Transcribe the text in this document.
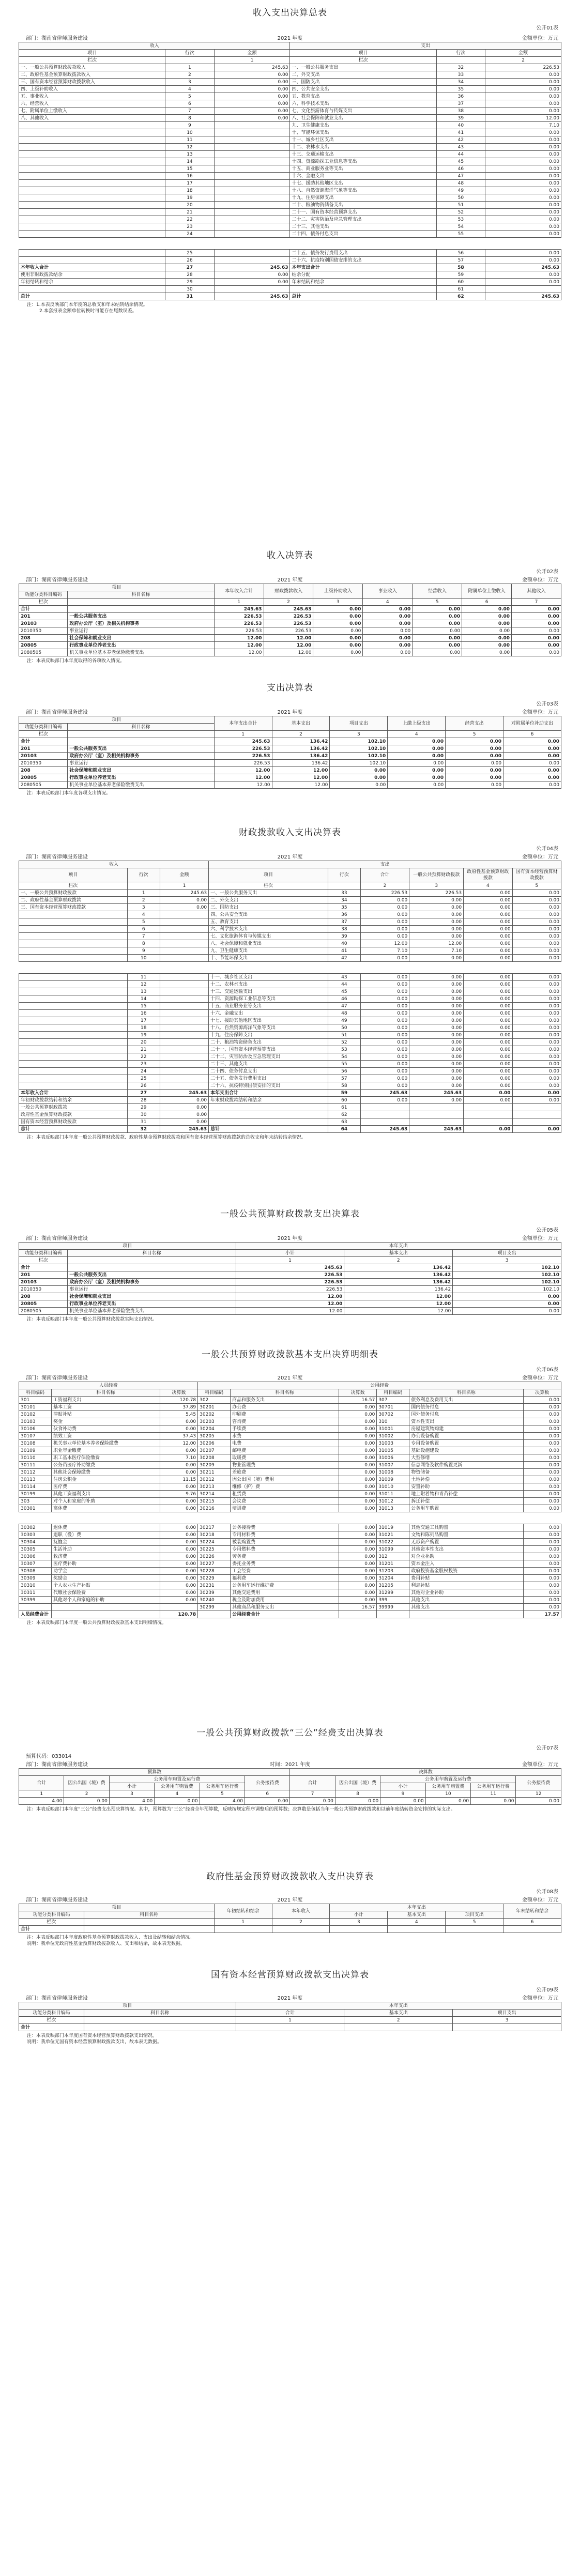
收入支出决算总表
公开01表
部门：湖南省律师服务建设	2021 年度	金额单位：万元
收入			支出		
项目	行次	金额	项目	行次	金额
栏次		1	栏次		2
一、一般公共预算财政拨款收入	1	245.63	一、一般公共服务支出	32	226.53
二、政府性基金预算财政拨款收入	2	0.00	二、外交支出	33	0.00
三、国有资本经营预算财政拨款收入	3	0.00	三、国防支出	34	0.00
四、上级补助收入	4	0.00	四、公共安全支出	35	0.00
五、事业收入	5	0.00	五、教育支出	36	0.00
六、经营收入	6	0.00	六、科学技术支出	37	0.00
七、附属单位上缴收入	7	0.00	七、文化旅游体育与传媒支出	38	0.00
八、其他收入	8	0.00	八、社会保障和就业支出	39	12.00
	9		九、卫生健康支出	40	7.10
	10		十、节能环保支出	41	0.00
	11		十一、城乡社区支出	42	0.00
	12		十二、农林水支出	43	0.00
	13		十三、交通运输支出	44	0.00
	14		十四、资源勘探工业信息等支出	45	0.00
	15		十五、商业服务业等支出	46	0.00
	16		十六、金融支出	47	0.00
	17		十七、援助其他地区支出	48	0.00
	18		十八、自然资源海洋气象等支出	49	0.00
	19		十九、住房保障支出	50	0.00
	20		二十、粮油物资储备支出	51	0.00
	21		二十一、国有资本经营预算支出	52	0.00
	22		二十二、灾害防治及应急管理支出	53	0.00
	23		二十三、其他支出	54	0.00
	24		二十四、债务付息支出	55	0.00
	25		二十五、债务发行费用支出	56	0.00
	26		二十六、抗疫特别国债安排的支出	57	0.00
本年收入合计	27	245.63	本年支出合计	58	245.63
使用非财政拨款结余	28	0.00	结余分配	59	0.00
年初结转和结余	29	0.00	年末结转和结余	60	0.00
	30			61	
总计	31	245.63	总计	62	245.63
注：1.本表反映部门本年度的总收支和年末结转结余情况。
2.本套报表金额单位转换时可能存在尾数误差。
收入决算表
公开02表
部门：湖南省律师服务建设	2021 年度	金额单位：万元
项目		本年收入合计	财政拨款收入	上级补助收入	事业收入	经营收入	附属单位上缴收入	其他收入
功能分类科目编码	科目名称							
栏次		1	2	3	4	5	6	7
合计		245.63	245.63	0.00	0.00	0.00	0.00	0.00
201	一般公共服务支出	226.53	226.53	0.00	0.00	0.00	0.00	0.00
20103	政府办公厅（室）及相关机构事务	226.53	226.53	0.00	0.00	0.00	0.00	0.00
2010350	事业运行	226.53	226.53	0.00	0.00	0.00	0.00	0.00
208	社会保障和就业支出	12.00	12.00	0.00	0.00	0.00	0.00	0.00
20805	行政事业单位养老支出	12.00	12.00	0.00	0.00	0.00	0.00	0.00
2080505	机关事业单位基本养老保险缴费支出	12.00	12.00	0.00	0.00	0.00	0.00	0.00
注：本表反映部门本年度取得的各项收入情况。
支出决算表
公开03表
部门：湖南省律师服务建设	2021 年度	金额单位：万元
项目		本年支出合计	基本支出	项目支出	上缴上级支出	经营支出	对附属单位补助支出
功能分类科目编码	科目名称						
栏次		1	2	3	4	5	6
合计		245.63	136.42	102.10	0.00	0.00	0.00
201	一般公共服务支出	226.53	136.42	102.10	0.00	0.00	0.00
20103	政府办公厅（室）及相关机构事务	226.53	136.42	102.10	0.00	0.00	0.00
2010350	事业运行	226.53	136.42	102.10	0.00	0.00	0.00
208	社会保障和就业支出	12.00	12.00	0.00	0.00	0.00	0.00
20805	行政事业单位养老支出	12.00	12.00	0.00	0.00	0.00	0.00
2080505	机关事业单位基本养老保险缴费支出	12.00	12.00	0.00	0.00	0.00	0.00
注：本表反映部门本年度各项支出情况。
财政拨款收入支出决算表
公开04表
部门：湖南省律师服务建设	2021 年度	金额单位：万元
收入			支出					
项目	行次	金额	项目	行次	合计	一般公共预算财政拨款	政府性基金预算财政拨款	国有资本经营预算财政拨款
栏次		1	栏次		2	3	4	5
一、一般公共预算财政拨款	1	245.63	一、一般公共服务支出	33	226.53	226.53	0.00	0.00
二、政府性基金预算财政拨款	2	0.00	二、外交支出	34	0.00	0.00	0.00	0.00
三、国有资本经营预算财政拨款	3	0.00	三、国防支出	35	0.00	0.00	0.00	0.00
	4		四、公共安全支出	36	0.00	0.00	0.00	0.00
	5		五、教育支出	37	0.00	0.00	0.00	0.00
	6		六、科学技术支出	38	0.00	0.00	0.00	0.00
	7		七、文化旅游体育与传媒支出	39	0.00	0.00	0.00	0.00
	8		八、社会保障和就业支出	40	12.00	12.00	0.00	0.00
	9		九、卫生健康支出	41	7.10	7.10	0.00	0.00
	10		十、节能环保支出	42	0.00	0.00	0.00	0.00
	11		十一、城乡社区支出	43	0.00	0.00	0.00	0.00
	12		十二、农林水支出	44	0.00	0.00	0.00	0.00
	13		十三、交通运输支出	45	0.00	0.00	0.00	0.00
	14		十四、资源勘探工业信息等支出	46	0.00	0.00	0.00	0.00
	15		十五、商业服务业等支出	47	0.00	0.00	0.00	0.00
	16		十六、金融支出	48	0.00	0.00	0.00	0.00
	17		十七、援助其他地区支出	49	0.00	0.00	0.00	0.00
	18		十八、自然资源海洋气象等支出	50	0.00	0.00	0.00	0.00
	19		十九、住房保障支出	51	0.00	0.00	0.00	0.00
	20		二十、粮油物资储备支出	52	0.00	0.00	0.00	0.00
	21		二十一、国有资本经营预算支出	53	0.00	0.00	0.00	0.00
	22		二十二、灾害防治及应急管理支出	54	0.00	0.00	0.00	0.00
	23		二十三、其他支出	55	0.00	0.00	0.00	0.00
	24		二十四、债务付息支出	56	0.00	0.00	0.00	0.00
	25		二十五、债务发行费用支出	57	0.00	0.00	0.00	0.00
	26		二十六、抗疫特别国债安排的支出	58	0.00	0.00	0.00	0.00
本年收入合计	27	245.63	本年支出合计	59	245.63	245.63	0.00	0.00
年初财政拨款结转和结余	28	0.00	年末财政拨款结转和结余	60	0.00	0.00	0.00	0.00
一般公共预算财政拨款	29	0.00		61				
政府性基金预算财政拨款	30	0.00		62				
国有资本经营预算财政拨款	31	0.00		63				
总计	32	245.63	总计	64	245.63	245.63	0.00	0.00
注：本表反映部门本年度一般公共预算财政拨款、政府性基金预算财政拨款和国有资本经营预算财政拨款的总收支和年末结转结余情况。
一般公共预算财政拨款支出决算表
公开05表
部门：湖南省律师服务建设	2021 年度	金额单位：万元
项目		本年支出		
功能分类科目编码	科目名称	小计	基本支出	项目支出
栏次		1	2	3
合计		245.63	136.42	102.10
201	一般公共服务支出	226.53	136.42	102.10
20103	政府办公厅（室）及相关机构事务	226.53	136.42	102.10
2010350	事业运行	226.53	136.42	102.10
208	社会保障和就业支出	12.00	12.00	0.00
20805	行政事业单位养老支出	12.00	12.00	0.00
2080505	机关事业单位基本养老保险缴费支出	12.00	12.00	0.00
注：本表反映部门本年度一般公共预算财政拨款实际支出情况。
一般公共预算财政拨款基本支出决算明细表
公开06表
部门：湖南省律师服务建设	2021 年度	金额单位：万元
人员经费			公用经费					
科目编码	科目名称	决算数	科目编码	科目名称	决算数	科目编码	科目名称	决算数
301	工资福利支出	120.78	302	商品和服务支出	16.57	307	债务利息及费用支出	0.00
30101	基本工资	37.89	30201	办公费	0.00	30701	国内债务付息	0.00
30102	津贴补贴	5.45	30202	印刷费	0.00	30702	国外债务付息	0.00
30103	奖金	0.00	30203	咨询费	0.00	310	资本性支出	0.00
30106	伙食补助费	0.00	30204	手续费	0.00	31001	房屋建筑物购建	0.00
30107	绩效工资	37.43	30205	水费	0.00	31002	办公设备购置	0.00
30108	机关事业单位基本养老保险缴费	12.00	30206	电费	0.00	31003	专用设备购置	0.00
30109	职业年金缴费	0.00	30207	邮电费	0.00	31005	基础设施建设	0.00
30110	职工基本医疗保险缴费	7.10	30208	取暖费	0.00	31006	大型修缮	0.00
30111	公务员医疗补助缴费	0.00	30209	物业管理费	0.00	31007	信息网络及软件购置更新	0.00
30112	其他社会保障缴费	0.00	30211	差旅费	0.00	31008	物资储备	0.00
30113	住房公积金	11.15	30212	因公出国（境）费用	0.00	31009	土地补偿	0.00
30114	医疗费	0.00	30213	维修（护）费	0.00	31010	安置补助	0.00
30199	其他工资福利支出	9.76	30214	租赁费	0.00	31011	地上附着物和青苗补偿	0.00
303	对个人和家庭的补助	0.00	30215	会议费	0.00	31012	拆迁补偿	0.00
30301	离休费	0.00	30216	培训费	0.00	31013	公务用车购置	0.00
30302	退休费	0.00	30217	公务接待费	0.00	31019	其他交通工具购置	0.00
30303	退职（役）费	0.00	30218	专用材料费	0.00	31021	文物和陈列品购置	0.00
30304	抚恤金	0.00	30224	被装购置费	0.00	31022	无形资产购置	0.00
30305	生活补助	0.00	30225	专用燃料费	0.00	31099	其他资本性支出	0.00
30306	救济费	0.00	30226	劳务费	0.00	312	对企业补助	0.00
30307	医疗费补助	0.00	30227	委托业务费	0.00	31201	资本金注入	0.00
30308	助学金	0.00	30228	工会经费	0.00	31203	政府投资基金股权投资	0.00
30309	奖励金	0.00	30229	福利费	0.00	31204	费用补贴	0.00
30310	个人农业生产补贴	0.00	30231	公务用车运行维护费	0.00	31205	利息补贴	0.00
30311	代缴社会保险费	0.00	30239	其他交通费用	0.00	31299	其他对企业补助	0.00
30399	其他对个人和家庭的补助	0.00	30240	税金及附加费用	0.00	399	其他支出	0.00
			30299	其他商品和服务支出	16.57	39999	其他支出	0.00
人员经费合计		120.78		公用经费合计				17.57
注：本表反映部门本年度一般公共预算财政拨款基本支出明细情况。
一般公共预算财政拨款“三公”经费支出决算表
公开07表
预算代码：033014
部门：湖南省律师服务建设	时间：2021 年度	金额单位：万元
预算数						决算数					
合计	因公出国（境）费	公务用车购置及运行费			公务接待费	合计	因公出国（境）费	公务用车购置及运行费			公务接待费
		小计	公务用车购置费	公务用车运行费				小计	公务用车购置费	公务用车运行费	
1	2	3	4	5	6	7	8	9	10	11	12
4.00	0.00	4.00	0.00	4.00	0.00	0.00	0.00	0.00	0.00	0.00	0.00
注：本表反映部门本年度“三公”经费支出预决算情况。其中，预算数为“三公”经费全年预算数，反映按规定程序调整后的预算数；决算数是包括当年一般公共预算财政拨款和以前年度结转资金安排的实际支出。
政府性基金预算财政拨款收入支出决算表
公开08表
部门：湖南省律师服务建设	2021 年度	金额单位：万元
项目		年初结转和结余	本年收入	本年支出			年末结转和结余
功能分类科目编码	科目名称			小计	基本支出	项目支出	
栏次		1	2	3	4	5	6
合计							
注：本表反映部门本年度政府性基金预算财政拨款收入、支出及结转和结余情况。
说明：我单位无政府性基金预算财政拨款收入、支出和结余，故本表无数据。
国有资本经营预算财政拨款支出决算表
公开09表
部门：湖南省律师服务建设	2021 年度	金额单位：万元
项目		本年支出		
功能分类科目编码	科目名称	合计	基本支出	项目支出
栏次		1	2	3
合计				
注：本表反映部门本年度国有资本经营预算财政拨款支出情况。
说明：我单位无国有资本经营预算财政拨款支出，故本表无数据。
